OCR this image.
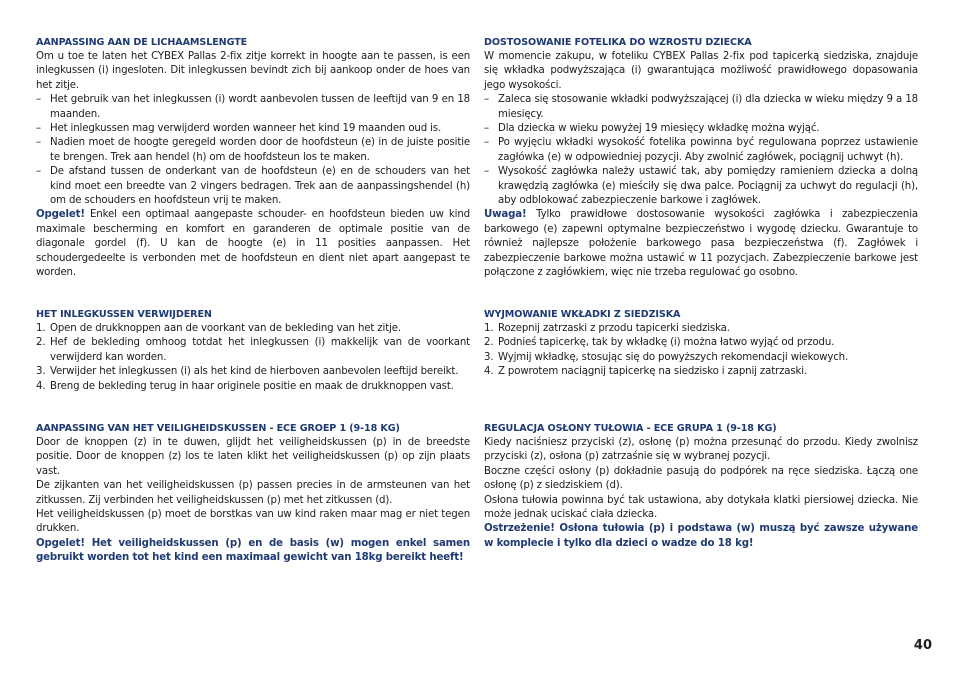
AANPASSING AAN DE LICHAAMSLENGTE

Om u toe te laten het CYBEX Pallas 2-fix zitje korrekt in hoogte aan te passen, is een inlegkussen (i) ingesloten. Dit inlegkussen bevindt zich bij aankoop onder de hoes van het zitje.

– Het gebruik van het inlegkussen (i) wordt aanbevolen tussen de leeftijd van 9 en 18 maanden.
– Het inlegkussen mag verwijderd worden wanneer het kind 19 maanden oud is.
– Nadien moet de hoogte geregeld worden door de hoofdsteun (e) in de juiste positie te brengen. Trek aan hendel (h) om de hoofdsteun los te maken.
– De afstand tussen de onderkant van de hoofdsteun (e) en de schouders van het kind moet een breedte van 2 vingers bedragen. Trek aan de aanpassingshendel (h) om de schouders en hoofdsteun vrij te maken.

Opgelet! Enkel een optimaal aangepaste schouder- en hoofdsteun bieden uw kind maximale bescherming en komfort en garanderen de optimale positie van de diagonale gordel (f). U kan de hoogte (e) in 11 posities aanpassen. Het schoudergedeelte is verbonden met de hoofdsteun en dient niet apart aangepast te worden.

HET INLEGKUSSEN VERWIJDEREN
1. Open de drukknoppen aan de voorkant van de bekleding van het zitje.
2. Hef de bekleding omhoog totdat het inlegkussen (i) makkelijk van de voorkant verwijderd kan worden.
3. Verwijder het inlegkussen (i) als het kind de hierboven aanbevolen leeftijd bereikt.
4. Breng de bekleding terug in haar originele positie en maak de drukknoppen vast.
AANPASSING VAN HET VEILIGHEIDSKUSSEN - ECE GROEP 1 (9-18 KG)

Door de knoppen (z) in te duwen, glijdt het veiligheidskussen (p) in de breedste positie. Door de knoppen (z) los te laten klikt het veiligheidskussen (p) op zijn plaats vast.

De zijkanten van het veiligheidskussen (p) passen precies in de armsteunen van het zitkussen. Zij verbinden het veiligheidskussen (p) met het zitkussen (d).

Het veiligheidskussen (p) moet de borstkas van uw kind raken maar mag er niet tegen drukken.

Opgelet! Het veiligheidskussen (p) en de basis (w) mogen enkel samen gebruikt worden tot het kind een maximaal gewicht van 18kg bereikt heeft!

DOSTOSOWANIE FOTELIKA DO WZROSTU DZIECKA

W momencie zakupu, w foteliku CYBEX Pallas 2-fix pod tapicerką siedziska, znajduje się wkładka podwyższająca (i) gwarantująca możliwość prawidłowego dopasowania jego wysokości.

– Zaleca się stosowanie wkładki podwyższającej (i) dla dziecka w wieku między 9 a 18 miesięcy.
– Dla dziecka w wieku powyżej 19 miesięcy wkładkę można wyjąć.
– Po wyjęciu wkładki wysokość fotelika powinna być regulowana poprzez ustawienie zagłówka (e) w odpowiedniej pozycji. Aby zwolnić zagłówek, pociągnij uchwyt (h).
– Wysokość zagłówka należy ustawić tak, aby pomiędzy ramieniem dziecka a dolną krawędzią zagłówka (e) mieściły się dwa palce. Pociągnij za uchwyt do regulacji (h), aby odblokować zabezpieczenie barkowe i zagłówek.

Uwaga! Tylko prawidłowe dostosowanie wysokości zagłówka i zabezpieczenia barkowego (e) zapewni optymalne bezpieczeństwo i wygodę dziecku. Gwarantuje to również najlepsze położenie barkowego pasa bezpieczeństwa (f). Zagłówek i zabezpieczenie barkowe można ustawić w 11 pozycjach. Zabezpieczenie barkowe jest połączone z zagłówkiem, więc nie trzeba regulować go osobno.

WYJMOWANIE WKŁADKI Z SIEDZISKA
1. Rozepnij zatrzaski z przodu tapicerki siedziska.
2. Podnieś tapicerkę, tak by wkładkę (i) można łatwo wyjąć od przodu.
3. Wyjmij wkładkę, stosując się do powyższych rekomendacji wiekowych.
4. Z powrotem naciągnij tapicerkę na siedzisko i zapnij zatrzaski.
REGULACJA OSŁONY TUŁOWIA - ECE GRUPA 1 (9-18 KG)

Kiedy naciśniesz przyciski (z), osłonę (p) można przesunąć do przodu. Kiedy zwolnisz przyciski (z), osłona (p) zatrzaśnie się w wybranej pozycji.

Boczne części osłony (p) dokładnie pasują do podpórek na ręce siedziska. Łączą one osłonę (p) z siedziskiem (d).

Osłona tułowia powinna być tak ustawiona, aby dotykała klatki piersiowej dziecka. Nie może jednak uciskać ciała dziecka.

Ostrzeżenie! Osłona tułowia (p) i podstawa (w) muszą być zawsze używane w komplecie i tylko dla dzieci o wadze do 18 kg!

40
